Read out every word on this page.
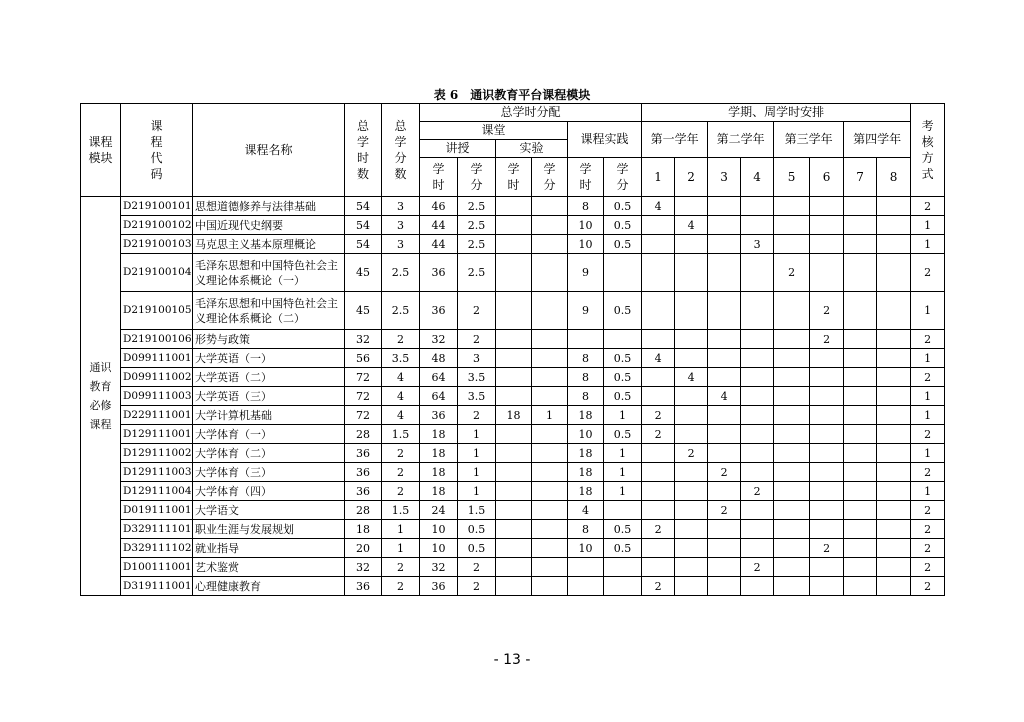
表 6　通识教育平台课程模块
课程模块	课程代码	课程名称	总学时数	总学分数	总学时分配						学期、周学时安排								考核方式
					课堂				课程实践		第一学年		第二学年		第三学年		第四学年		
					讲授		实验												
					学时	学分	学时	学分	学时	学分	1	2	3	4	5	6	7	8	
通识教育必修课程	D219100101	思想道德修养与法律基础	54	3	46	2.5			8	0.5	4								2
	D219100102	中国近现代史纲要	54	3	44	2.5			10	0.5		4							1
	D219100103	马克思主义基本原理概论	54	3	44	2.5			10	0.5				3					1
	D219100104	毛泽东思想和中国特色社会主义理论体系概论（一）	45	2.5	36	2.5			9						2				2
	D219100105	毛泽东思想和中国特色社会主义理论体系概论（二）	45	2.5	36	2			9	0.5						2			1
	D219100106	形势与政策	32	2	32	2										2			2
	D099111001	大学英语（一）	56	3.5	48	3			8	0.5	4								1
	D099111002	大学英语（二）	72	4	64	3.5			8	0.5		4							2
	D099111003	大学英语（三）	72	4	64	3.5			8	0.5			4						1
	D229111001	大学计算机基础	72	4	36	2	18	1	18	1	2								1
	D129111001	大学体育（一）	28	1.5	18	1			10	0.5	2								2
	D129111002	大学体育（二）	36	2	18	1			18	1		2							1
	D129111003	大学体育（三）	36	2	18	1			18	1			2						2
	D129111004	大学体育（四）	36	2	18	1			18	1				2					1
	D019111001	大学语文	28	1.5	24	1.5			4				2						2
	D329111101	职业生涯与发展规划	18	1	10	0.5			8	0.5	2								2
	D329111102	就业指导	20	1	10	0.5			10	0.5						2			2
	D100111001	艺术鉴赏	32	2	32	2								2					2
	D319111001	心理健康教育	36	2	36	2					2								2
- 13 -
